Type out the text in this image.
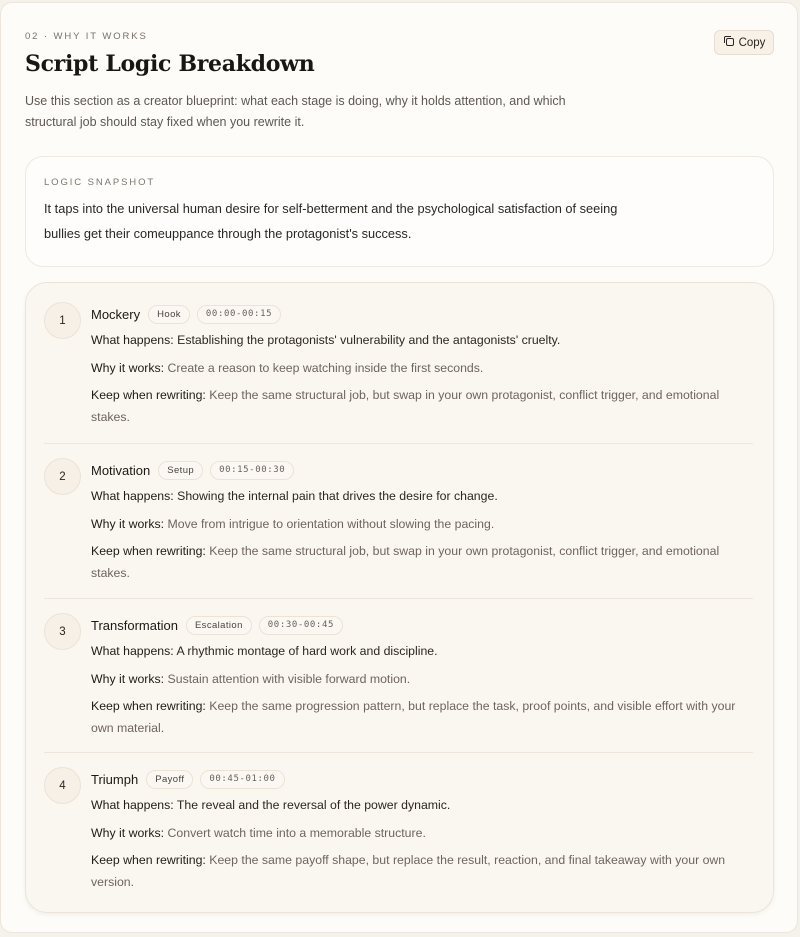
02 · WHY IT WORKS
Script Logic Breakdown

Use this section as a creator blueprint: what each stage is doing, why it holds attention, and which structural job should stay fixed when you rewrite it.

Copy
LOGIC SNAPSHOT

It taps into the universal human desire for self-betterment and the psychological satisfaction of seeing bullies get their comeuppance through the protagonist's success.

1	Mockery	Hook	00:00-00:15
What happens: Establishing the protagonists' vulnerability and the antagonists' cruelty.
Why it works: Create a reason to keep watching inside the first seconds.
Keep when rewriting: Keep the same structural job, but swap in your own protagonist, conflict trigger, and emotional stakes.
2	Motivation	Setup	00:15-00:30
What happens: Showing the internal pain that drives the desire for change.
Why it works: Move from intrigue to orientation without slowing the pacing.
Keep when rewriting: Keep the same structural job, but swap in your own protagonist, conflict trigger, and emotional stakes.
3	Transformation	Escalation	00:30-00:45
What happens: A rhythmic montage of hard work and discipline.
Why it works: Sustain attention with visible forward motion.
Keep when rewriting: Keep the same progression pattern, but replace the task, proof points, and visible effort with your own material.
4	Triumph	Payoff	00:45-01:00
What happens: The reveal and the reversal of the power dynamic.
Why it works: Convert watch time into a memorable structure.
Keep when rewriting: Keep the same payoff shape, but replace the result, reaction, and final takeaway with your own version.
